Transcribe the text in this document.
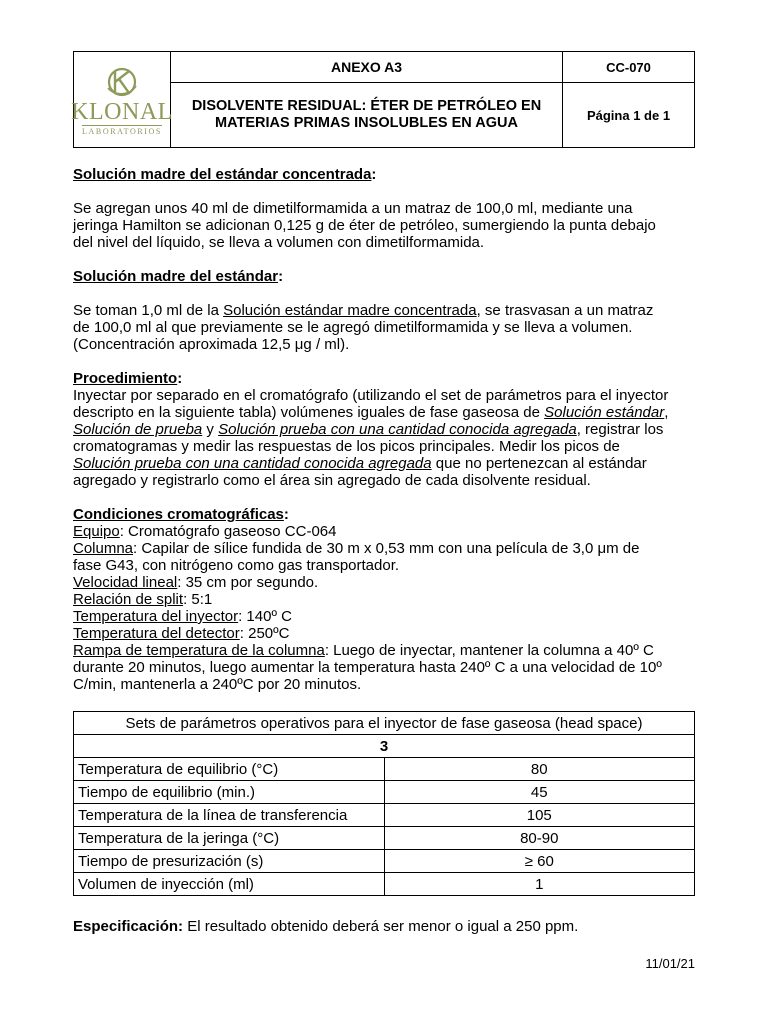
KLONAL
LABORATORIOS	ANEXO A3	CC-070
	DISOLVENTE RESIDUAL: ÉTER DE PETRÓLEO EN
MATERIAS PRIMAS INSOLUBLES EN AGUA	Página 1 de 1

Solución madre del estándar concentrada:

Se agregan unos 40 ml de dimetilformamida a un matraz de 100,0 ml, mediante una

jeringa Hamilton se adicionan 0,125 g de éter de petróleo, sumergiendo la punta debajo

del nivel del líquido, se lleva a volumen con dimetilformamida.

Solución madre del estándar:

Se toman 1,0 ml de la Solución estándar madre concentrada, se trasvasan a un matraz

de 100,0 ml al que previamente se le agregó dimetilformamida y se lleva a volumen.

(Concentración aproximada 12,5 μg / ml).

Procedimiento:

Inyectar por separado en el cromatógrafo (utilizando el set de parámetros para el inyector

descripto en la siguiente tabla) volúmenes iguales de fase gaseosa de Solución estándar,

Solución de prueba y Solución prueba con una cantidad conocida agregada, registrar los

cromatogramas y medir las respuestas de los picos principales. Medir los picos de

Solución prueba con una cantidad conocida agregada que no pertenezcan al estándar

agregado y registrarlo como el área sin agregado de cada disolvente residual.

Condiciones cromatográficas:

Equipo: Cromatógrafo gaseoso CC-064

Columna: Capilar de sílice fundida de 30 m x 0,53 mm con una película de 3,0 μm de

fase G43, con nitrógeno como gas transportador.

Velocidad lineal: 35 cm por segundo.

Relación de split: 5:1

Temperatura del inyector: 140º C

Temperatura del detector: 250ºC

Rampa de temperatura de la columna: Luego de inyectar, mantener la columna a 40º C

durante 20 minutos, luego aumentar la temperatura hasta 240º C a una velocidad de 10º

C/min, mantenerla a 240ºC por 20 minutos.

Sets de parámetros operativos para el inyector de fase gaseosa (head space)	
3	
Temperatura de equilibrio (°C)	80
Tiempo de equilibrio (min.)	45
Temperatura de la línea de transferencia	105
Temperatura de la jeringa (°C)	80-90
Tiempo de presurización (s)	≥ 60
Volumen de inyección (ml)	1

Especificación: El resultado obtenido deberá ser menor o igual a 250 ppm.

11/01/21
